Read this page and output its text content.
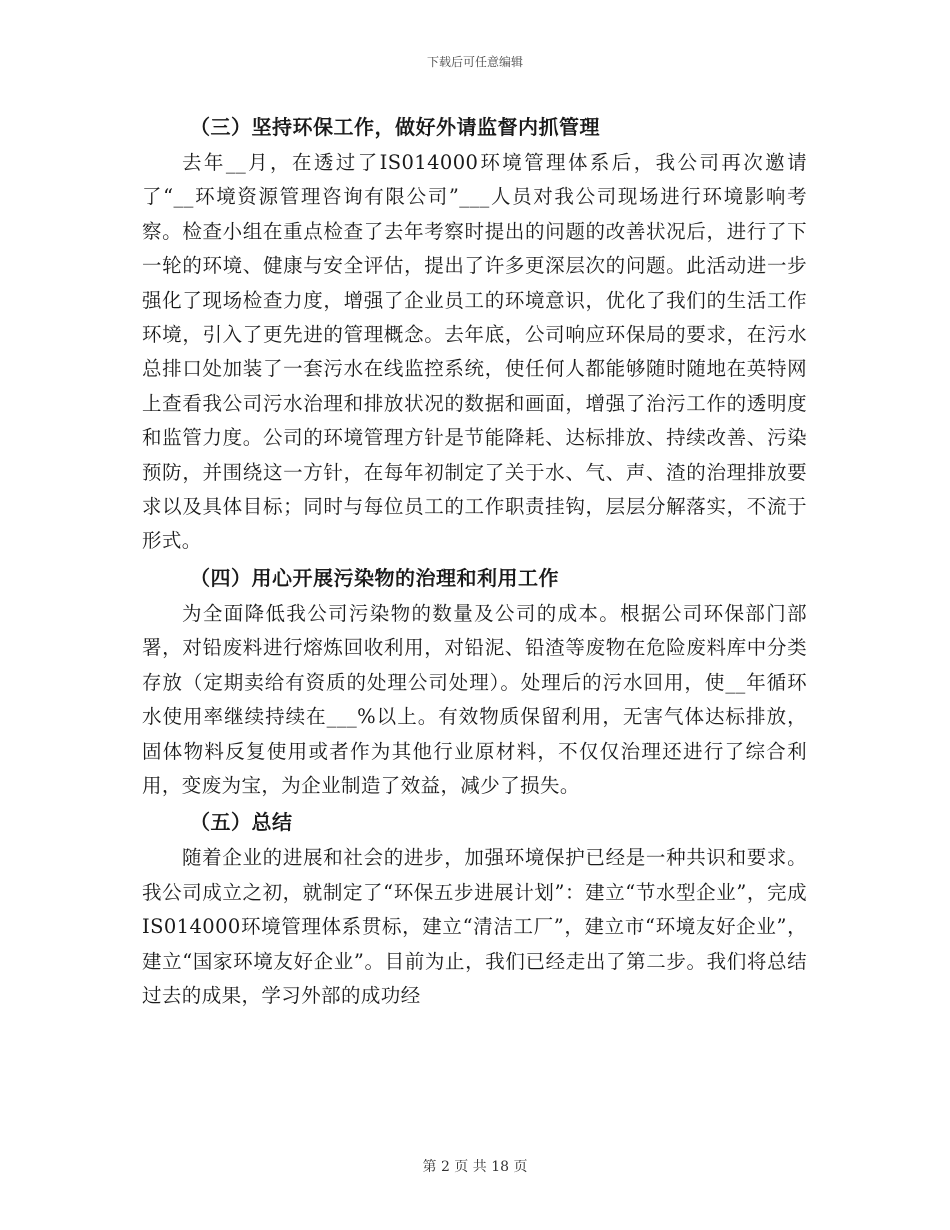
下载后可任意编辑
（三）坚持环保工作，做好外请监督内抓管理

去年__月，在透过了IS014000环境管理体系后，我公司再次邀请了“__环境资源管理咨询有限公司”___人员对我公司现场进行环境影响考察。检查小组在重点检查了去年考察时提出的问题的改善状况后，进行了下一轮的环境、健康与安全评估，提出了许多更深层次的问题。此活动进一步强化了现场检查力度，增强了企业员工的环境意识，优化了我们的生活工作环境，引入了更先进的管理概念。去年底，公司响应环保局的要求，在污水总排口处加装了一套污水在线监控系统，使任何人都能够随时随地在英特网上查看我公司污水治理和排放状况的数据和画面，增强了治污工作的透明度和监管力度。公司的环境管理方针是节能降耗、达标排放、持续改善、污染预防，并围绕这一方针，在每年初制定了关于水、气、声、渣的治理排放要求以及具体目标；同时与每位员工的工作职责挂钩，层层分解落实，不流于形式。

（四）用心开展污染物的治理和利用工作

为全面降低我公司污染物的数量及公司的成本。根据公司环保部门部署，对铅废料进行熔炼回收利用，对铅泥、铅渣等废物在危险废料库中分类存放（定期卖给有资质的处理公司处理）。处理后的污水回用，使__年循环水使用率继续持续在___%以上。有效物质保留利用，无害气体达标排放，固体物料反复使用或者作为其他行业原材料，不仅仅治理还进行了综合利用，变废为宝，为企业制造了效益，减少了损失。

（五）总结

随着企业的进展和社会的进步，加强环境保护已经是一种共识和要求。我公司成立之初，就制定了“环保五步进展计划”：建立“节水型企业”，完成IS014000环境管理体系贯标，建立“清洁工厂”，建立市“环境友好企业”，建立“国家环境友好企业”。目前为止，我们已经走出了第二步。我们将总结过去的成果，学习外部的成功经

第 2 页 共 18 页
